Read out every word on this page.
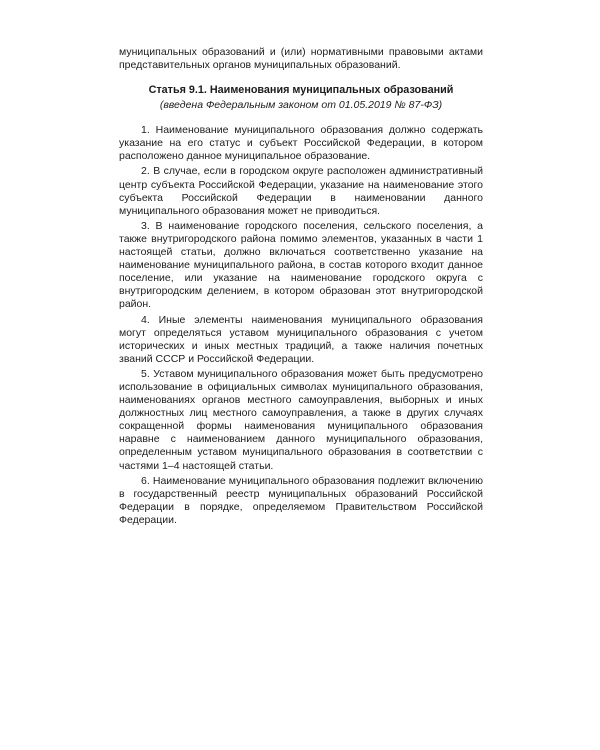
муниципальных образований и (или) нормативными правовыми актами представительных органов муниципальных образований.

Статья 9.1. Наименования муниципальных образований

(введена Федеральным законом от 01.05.2019 № 87-ФЗ)

1. Наименование муниципального образования должно содержать указание на его статус и субъект Российской Федерации, в котором расположено данное муниципальное образование.

2. В случае, если в городском округе расположен административный центр субъекта Российской Федерации, указание на наименование этого субъекта Российской Федерации в наименовании данного муниципального образования может не приводиться.

3. В наименование городского поселения, сельского поселения, а также внутригородского района помимо элементов, указанных в части 1 настоящей статьи, должно включаться соответственно указание на наименование муниципального района, в состав которого входит данное поселение, или указание на наименование городского округа с внутригородским делением, в котором образован этот внутригородской район.

4. Иные элементы наименования муниципального образования могут определяться уставом муниципального образования с учетом исторических и иных местных традиций, а также наличия почетных званий СССР и Российской Федерации.

5. Уставом муниципального образования может быть предусмотрено использование в официальных символах муниципального образования, наименованиях органов местного самоуправления, выборных и иных должностных лиц местного самоуправления, а также в других случаях сокращенной формы наименования муниципального образования наравне с наименованием данного муниципального образования, определенным уставом муниципального образования в соответствии с частями 1–4 настоящей статьи.

6. Наименование муниципального образования подлежит включению в государственный реестр муниципальных образований Российской Федерации в порядке, определяемом Правительством Российской Федерации.
